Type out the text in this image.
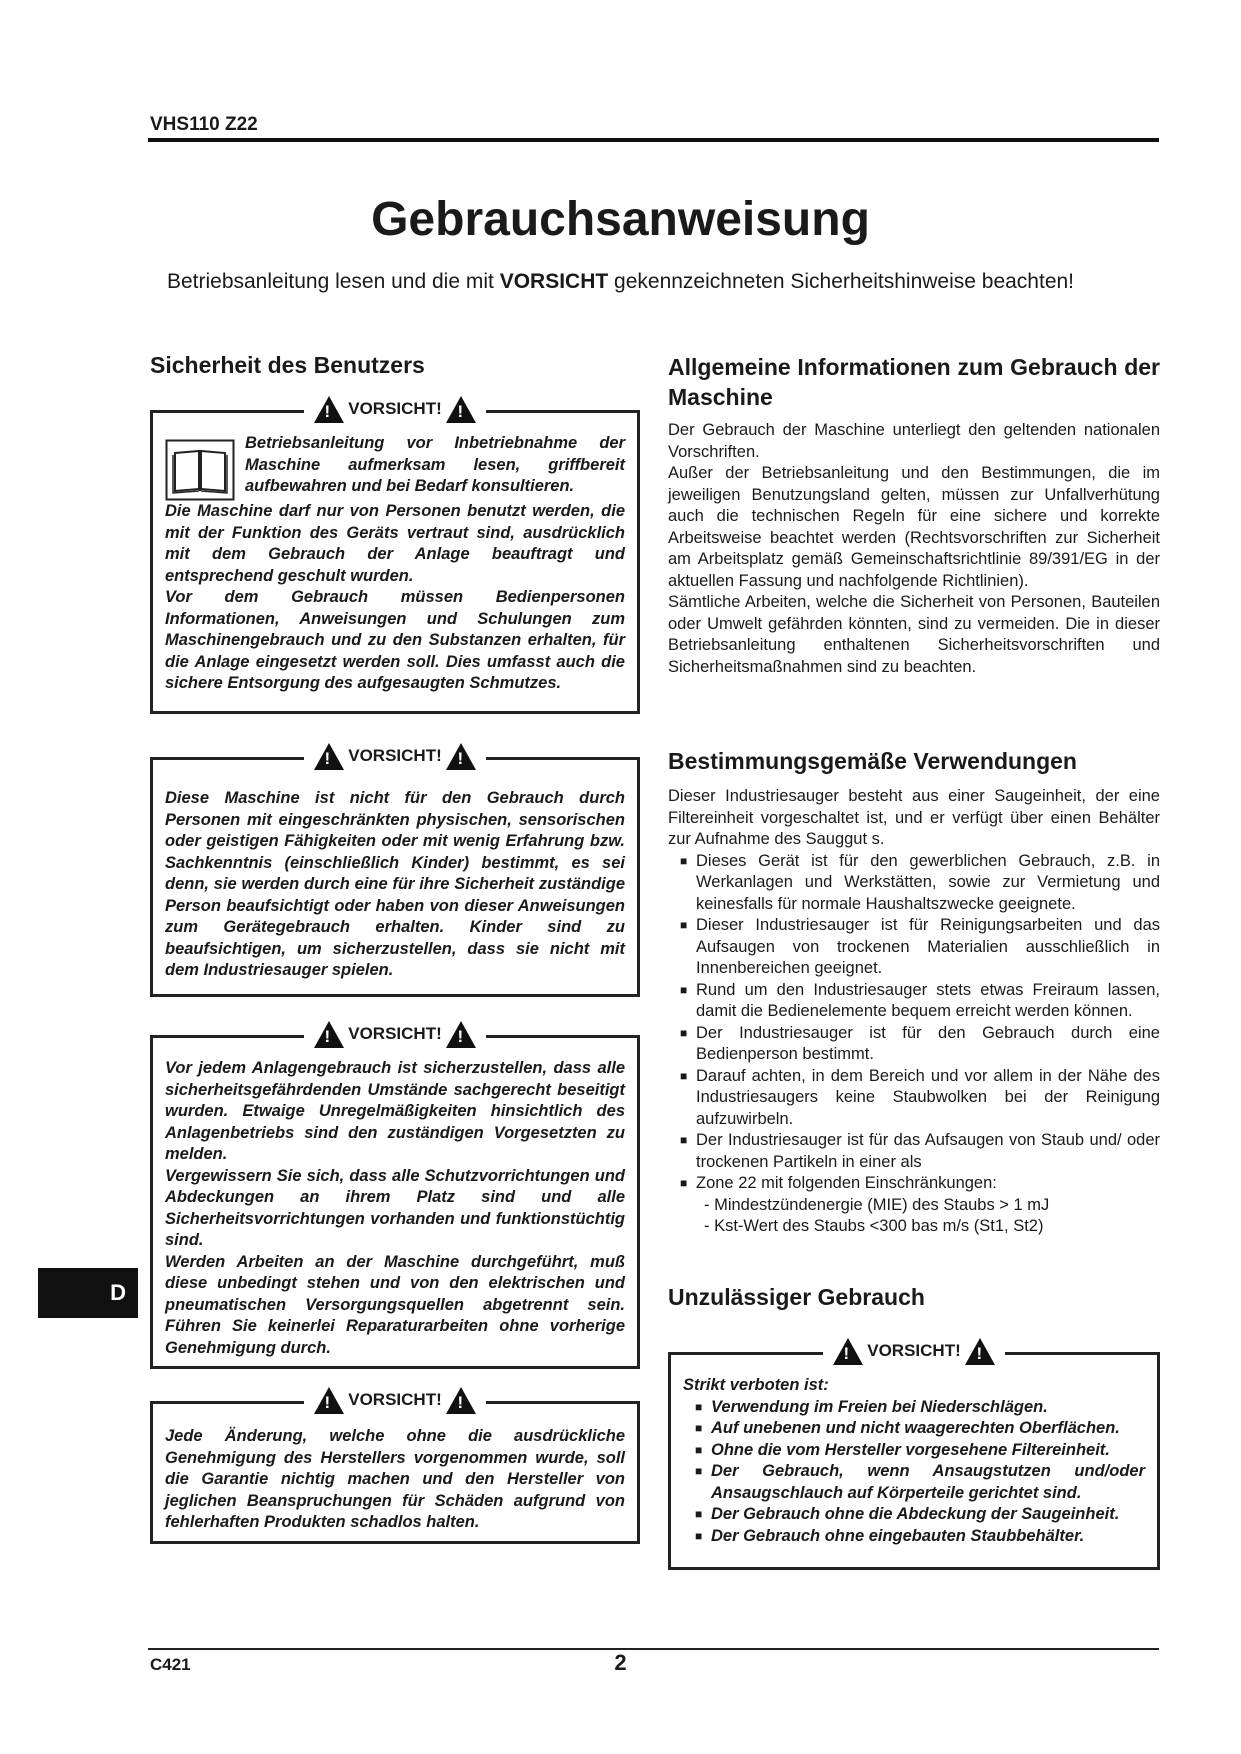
VHS110 Z22
Gebrauchsanweisung
Betriebsanleitung lesen und die mit VORSICHT gekennzeichneten Sicherheitshinweise beachten!
Sicherheit des Benutzers
! VORSICHT! !

Betriebsanleitung vor Inbetriebnahme der Maschine aufmerksam lesen, griffbereit aufbewahren und bei Bedarf konsultieren.

Die Maschine darf nur von Personen benutzt werden, die mit der Funktion des Geräts vertraut sind, ausdrücklich mit dem Gebrauch der Anlage beauftragt und entsprechend geschult wurden.

Vor dem Gebrauch müssen Bedienpersonen Informationen, Anweisungen und Schulungen zum Maschinengebrauch und zu den Substanzen erhalten, für die Anlage eingesetzt werden soll. Dies umfasst auch die sichere Entsorgung des aufgesaugten Schmutzes.

! VORSICHT! !

Diese Maschine ist nicht für den Gebrauch durch Personen mit eingeschränkten physischen, sensorischen oder geistigen Fähigkeiten oder mit wenig Erfahrung bzw. Sachkenntnis (einschließlich Kinder) bestimmt, es sei denn, sie werden durch eine für ihre Sicherheit zuständige Person beaufsichtigt oder haben von dieser Anweisungen zum Gerätegebrauch erhalten. Kinder sind zu beaufsichtigen, um sicherzustellen, dass sie nicht mit dem Industriesauger spielen.

! VORSICHT! !

Vor jedem Anlagengebrauch ist sicherzustellen, dass alle sicherheitsgefährdenden Umstände sachgerecht beseitigt wurden. Etwaige Unregelmäßigkeiten hinsichtlich des Anlagenbetriebs sind den zuständigen Vorgesetzten zu melden.

Vergewissern Sie sich, dass alle Schutzvorrichtungen und Abdeckungen an ihrem Platz sind und alle Sicherheitsvorrichtungen vorhanden und funktionstüchtig sind.

Werden Arbeiten an der Maschine durchgeführt, muß diese unbedingt stehen und von den elektrischen und pneumatischen Versorgungsquellen abgetrennt sein. Führen Sie keinerlei Reparaturarbeiten ohne vorherige Genehmigung durch.

! VORSICHT! !

Jede Änderung, welche ohne die ausdrückliche Genehmigung des Herstellers vorgenommen wurde, soll die Garantie nichtig machen und den Hersteller von jeglichen Beanspruchungen für Schäden aufgrund von fehlerhaften Produkten schadlos halten.

D
Allgemeine Informationen zum Gebrauch der Maschine

Der Gebrauch der Maschine unterliegt den geltenden nationalen Vorschriften.

Außer der Betriebsanleitung und den Bestimmungen, die im jeweiligen Benutzungsland gelten, müssen zur Unfallverhütung auch die technischen Regeln für eine sichere und korrekte Arbeitsweise beachtet werden (Rechtsvorschriften zur Sicherheit am Arbeitsplatz gemäß Gemeinschaftsrichtlinie 89/391/EG in der aktuellen Fassung und nachfolgende Richtlinien).

Sämtliche Arbeiten, welche die Sicherheit von Personen, Bauteilen oder Umwelt gefährden könnten, sind zu vermeiden. Die in dieser Betriebsanleitung enthaltenen Sicherheitsvorschriften und Sicherheitsmaßnahmen sind zu beachten.

Bestimmungsgemäße Verwendungen

Dieser Industriesauger besteht aus einer Saugeinheit, der eine Filtereinheit vorgeschaltet ist, und er verfügt über einen Behälter zur Aufnahme des Sauggut s.

■ Dieses Gerät ist für den gewerblichen Gebrauch, z.B. in Werkanlagen und Werkstätten, sowie zur Vermietung und keinesfalls für normale Haushaltszwecke geeignete.
■ Dieser Industriesauger ist für Reinigungsarbeiten und das Aufsaugen von trockenen Materialien ausschließlich in Innenbereichen geeignet.
■ Rund um den Industriesauger stets etwas Freiraum lassen, damit die Bedienelemente bequem erreicht werden können.
■ Der Industriesauger ist für den Gebrauch durch eine Bedienperson bestimmt.
■ Darauf achten, in dem Bereich und vor allem in der Nähe des Industriesaugers keine Staubwolken bei der Reinigung aufzuwirbeln.
■ Der Industriesauger ist für das Aufsaugen von Staub und/ oder trockenen Partikeln in einer als
■ Zone 22 mit folgenden Einschränkungen:
- Mindestzündenergie (MIE) des Staubs > 1 mJ
- Kst-Wert des Staubs <300 bas m/s (St1, St2)
Unzulässiger Gebrauch
! VORSICHT! !

Strikt verboten ist:

■ Verwendung im Freien bei Niederschlägen.
■ Auf unebenen und nicht waagerechten Oberflächen.
■ Ohne die vom Hersteller vorgesehene Filtereinheit.
■ Der Gebrauch, wenn Ansaugstutzen und/oder Ansaugschlauch auf Körperteile gerichtet sind.
■ Der Gebrauch ohne die Abdeckung der Saugeinheit.
■ Der Gebrauch ohne eingebauten Staubbehälter.
C421	2
